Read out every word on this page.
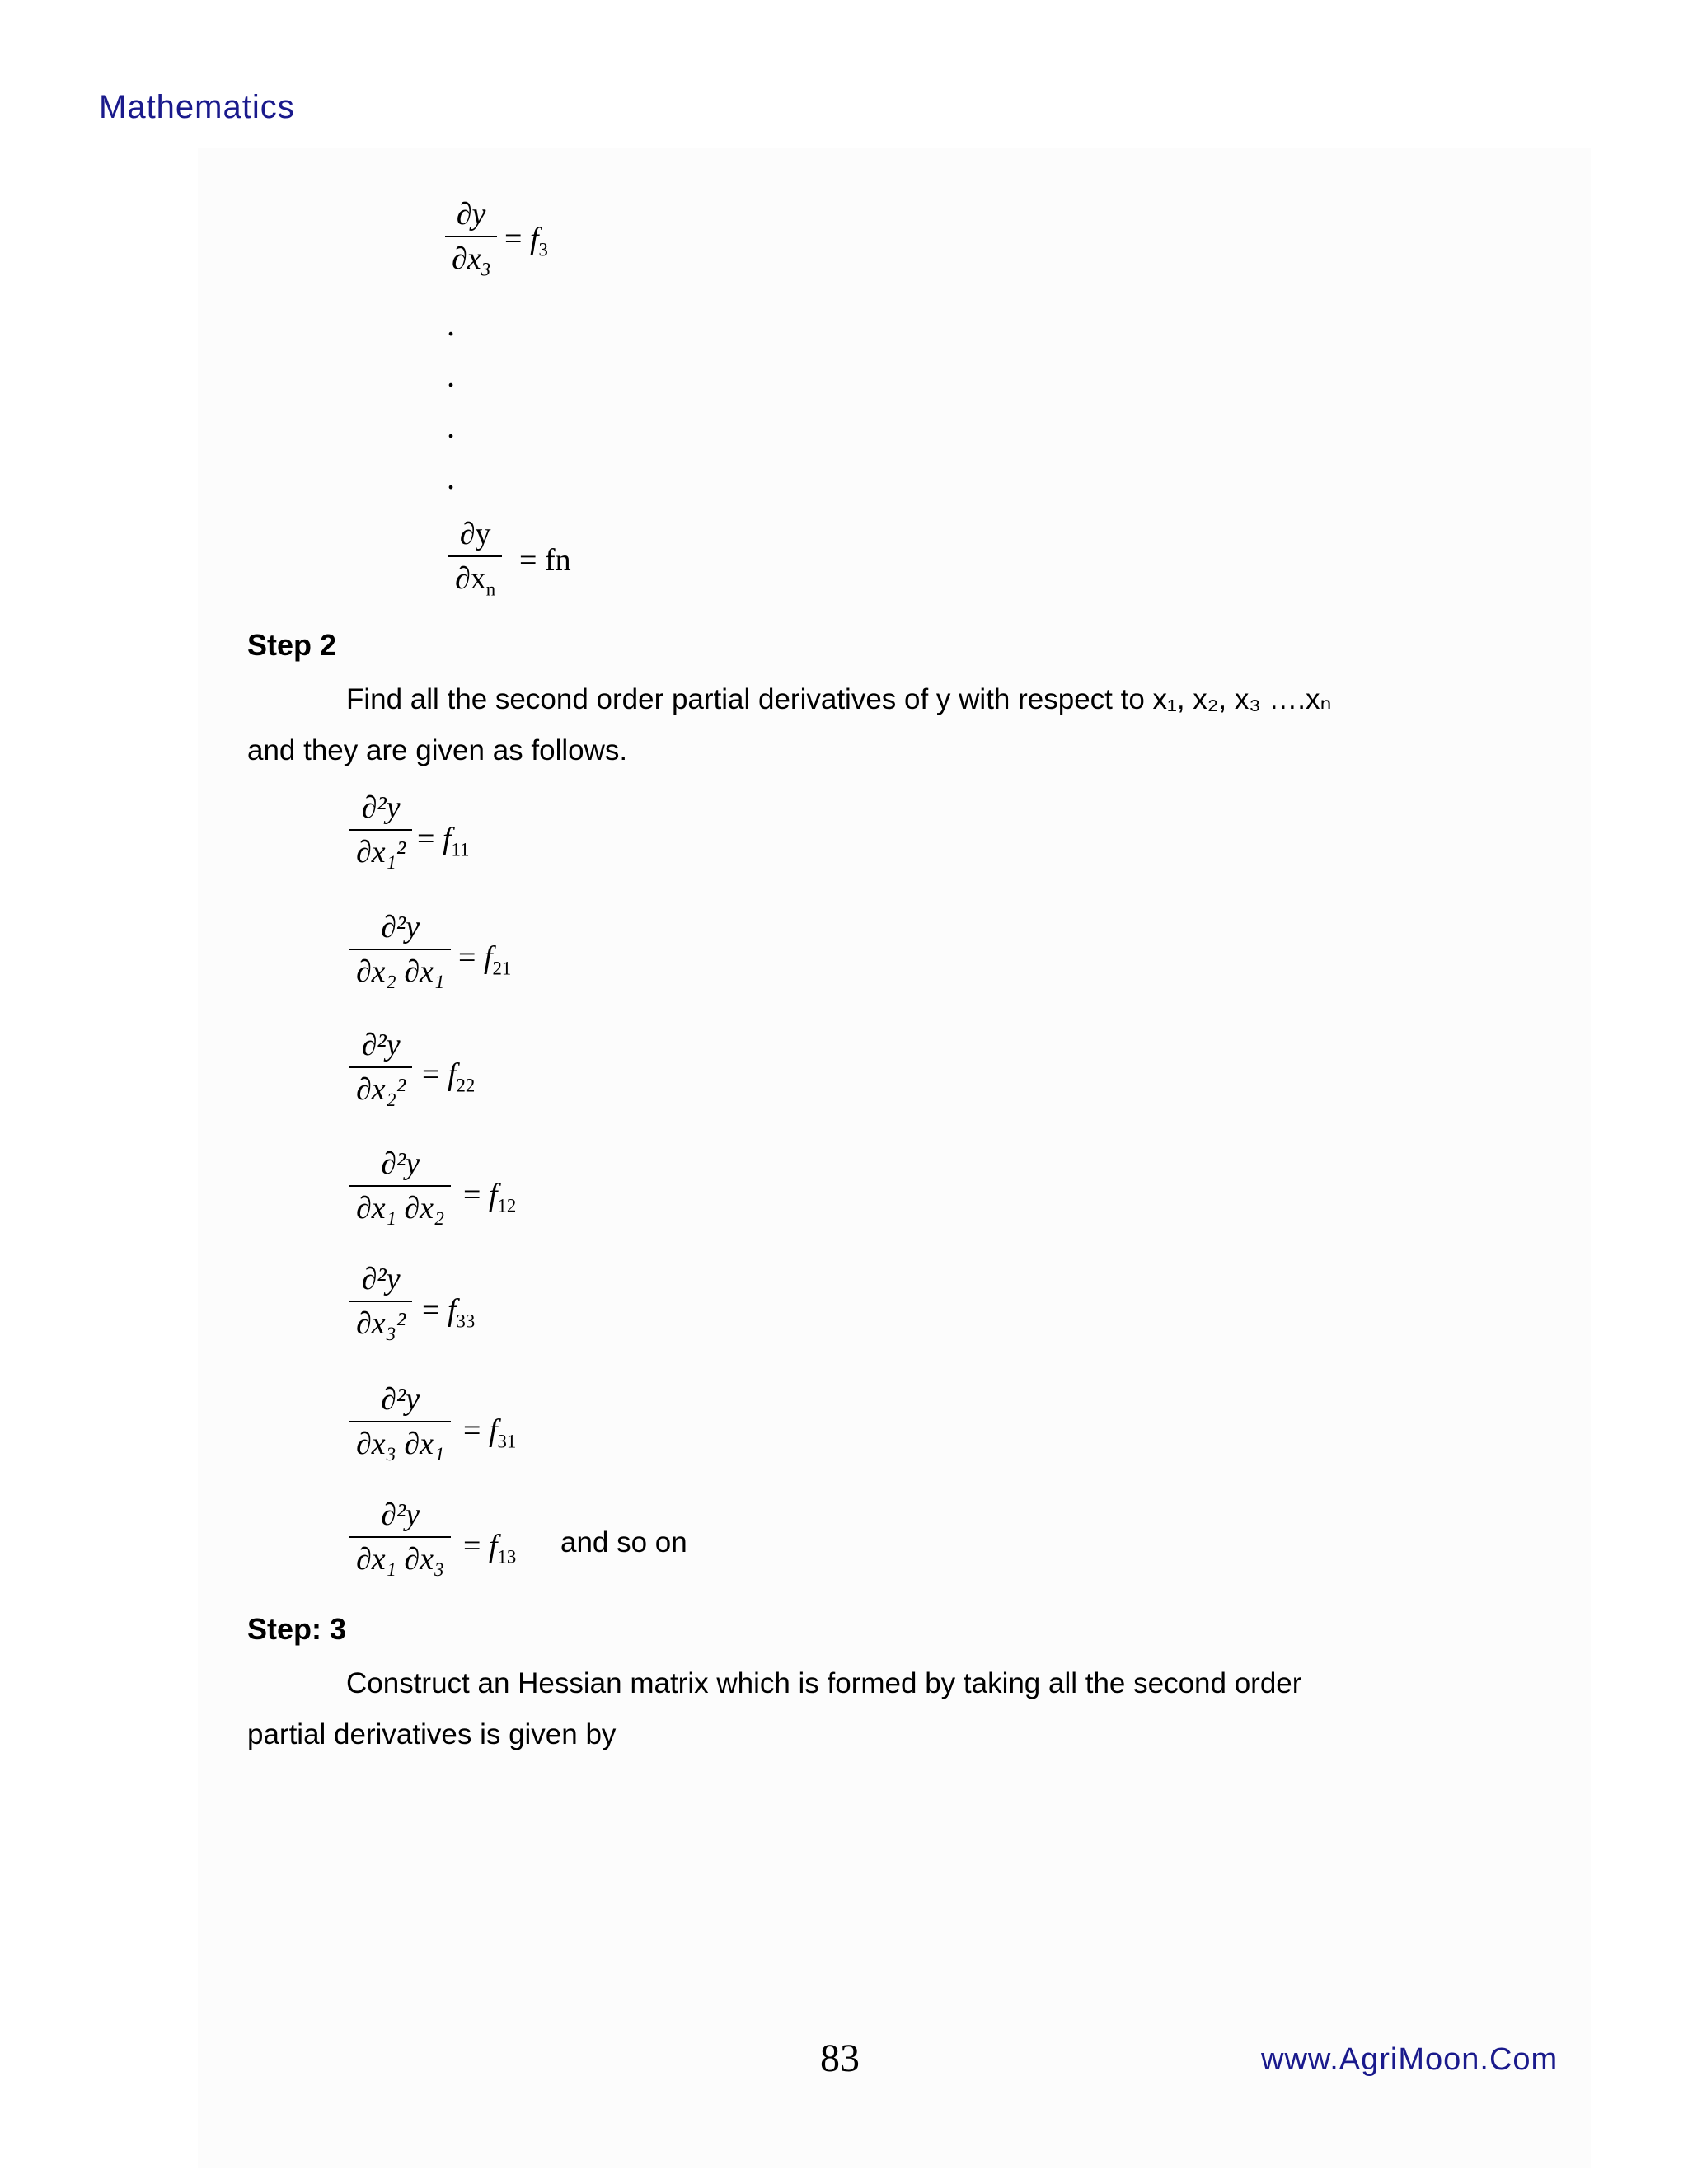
Mathematics
$\frac{\partial y}{\partial x_3} = f_3$
.
.
.
.
$\frac{\partial y}{\partial x_n}$ = fn
Step 2
Find all the second order partial derivatives of y with respect to x₁, x₂, x₃ ….xₙ
and they are given as follows.
$\frac{\text{∂²y}}{\text{∂x₁²}} = f_{11}$
$\frac{\text{∂²y}}{\text{∂x₂ ∂x₁}} = f_{21}$
$\frac{\text{∂²y}}{\text{∂x₂²}} = f_{22}$
$\frac{\text{∂²y}}{\text{∂x₁ ∂x₂}} = f_{12}$
$\frac{\text{∂²y}}{\text{∂x₃²}} = f_{33}$
$\frac{\text{∂²y}}{\text{∂x₃ ∂x₁}} = f_{31}$
$\frac{\text{∂²y}}{\text{∂x₁ ∂x₃}} = f_{13}$ and so on
Step: 3
Construct an Hessian matrix which is formed by taking all the second order
partial derivatives is given by
83	www.AgriMoon.Com
